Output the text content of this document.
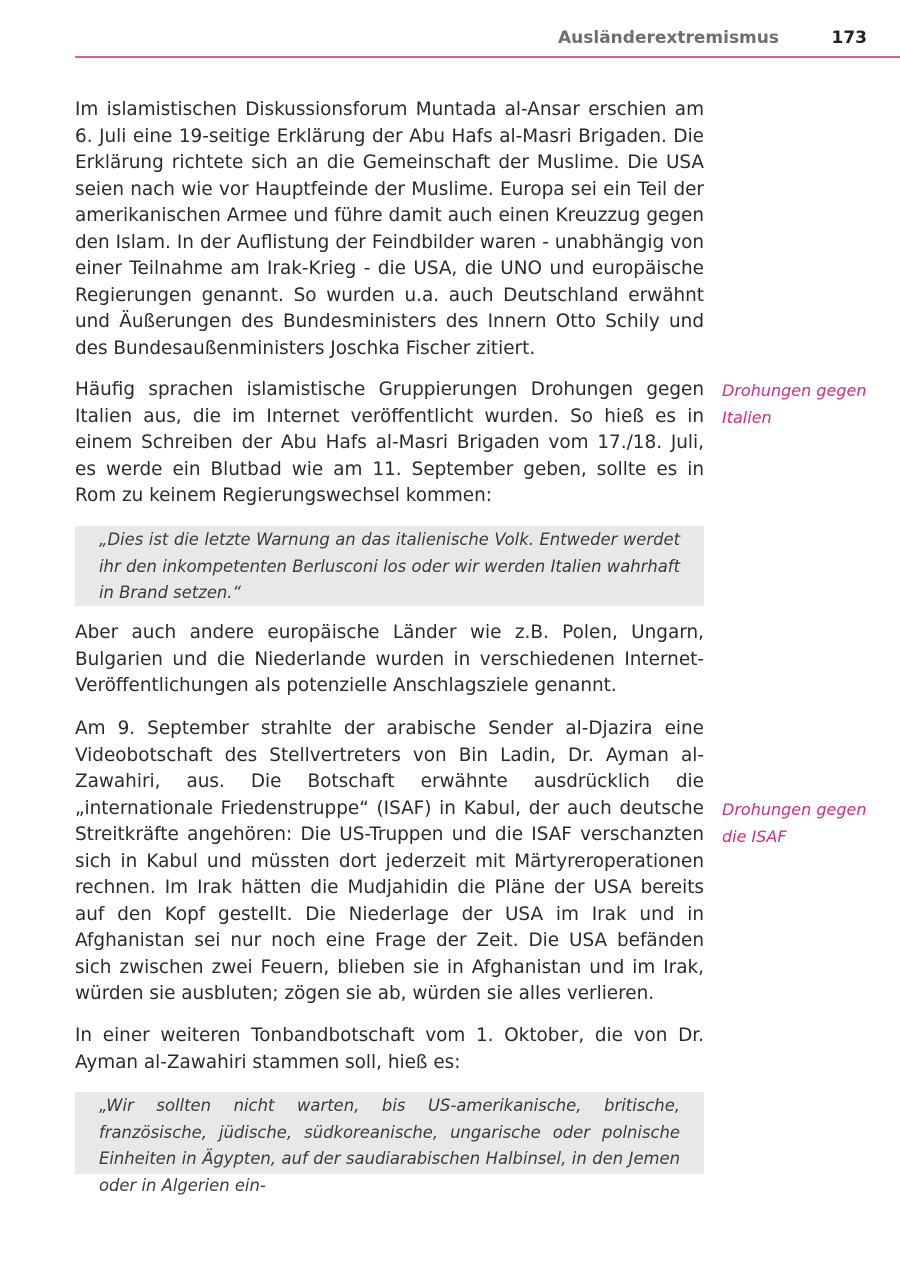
Ausländerextremismus	173

Im islamistischen Diskussionsforum Muntada al-Ansar erschien am 6. Juli eine 19-seitige Erklärung der Abu Hafs al-Masri Brigaden. Die Erklärung richtete sich an die Gemeinschaft der Muslime. Die USA seien nach wie vor Hauptfeinde der Muslime. Europa sei ein Teil der amerikanischen Armee und führe damit auch einen Kreuzzug gegen den Islam. In der Auflistung der Feindbilder waren - unabhängig von einer Teilnahme am Irak-Krieg - die USA, die UNO und europäische Regierungen genannt. So wurden u.a. auch Deutschland erwähnt und Äußerungen des Bundesministers des Innern Otto Schily und des Bundesaußenministers Joschka Fischer zitiert.

Häufig sprachen islamistische Gruppierungen Drohungen gegen Italien aus, die im Internet veröffentlicht wurden. So hieß es in einem Schreiben der Abu Hafs al-Masri Brigaden vom 17./18. Juli, es werde ein Blutbad wie am 11. September geben, sollte es in Rom zu keinem Regierungswechsel kommen:

Drohungen gegen Italien

„Dies ist die letzte Warnung an das italienische Volk. Entweder werdet ihr den inkompetenten Berlusconi los oder wir werden Italien wahrhaft in Brand setzen.“

Aber auch andere europäische Länder wie z.B. Polen, Ungarn, Bulgarien und die Niederlande wurden in verschiedenen Internet-Veröffentlichungen als potenzielle Anschlagsziele genannt.

Am 9. September strahlte der arabische Sender al-Djazira eine Videobotschaft des Stellvertreters von Bin Ladin, Dr. Ayman al-Zawahiri, aus. Die Botschaft erwähnte ausdrücklich die „internationale Friedenstruppe“ (ISAF) in Kabul, der auch deutsche Streitkräfte angehören: Die US-Truppen und die ISAF verschanzten sich in Kabul und müssten dort jederzeit mit Märtyreroperationen rechnen. Im Irak hätten die Mudjahidin die Pläne der USA bereits auf den Kopf gestellt. Die Niederlage der USA im Irak und in Afghanistan sei nur noch eine Frage der Zeit. Die USA befänden sich zwischen zwei Feuern, blieben sie in Afghanistan und im Irak, würden sie ausbluten; zögen sie ab, würden sie alles verlieren.

Drohungen gegen die ISAF

In einer weiteren Tonbandbotschaft vom 1. Oktober, die von Dr. Ayman al-Zawahiri stammen soll, hieß es:

„Wir sollten nicht warten, bis US-amerikanische, britische, französische, jüdische, südkoreanische, ungarische oder polnische Einheiten in Ägypten, auf der saudiarabischen Halbinsel, in den Jemen oder in Algerien ein-
